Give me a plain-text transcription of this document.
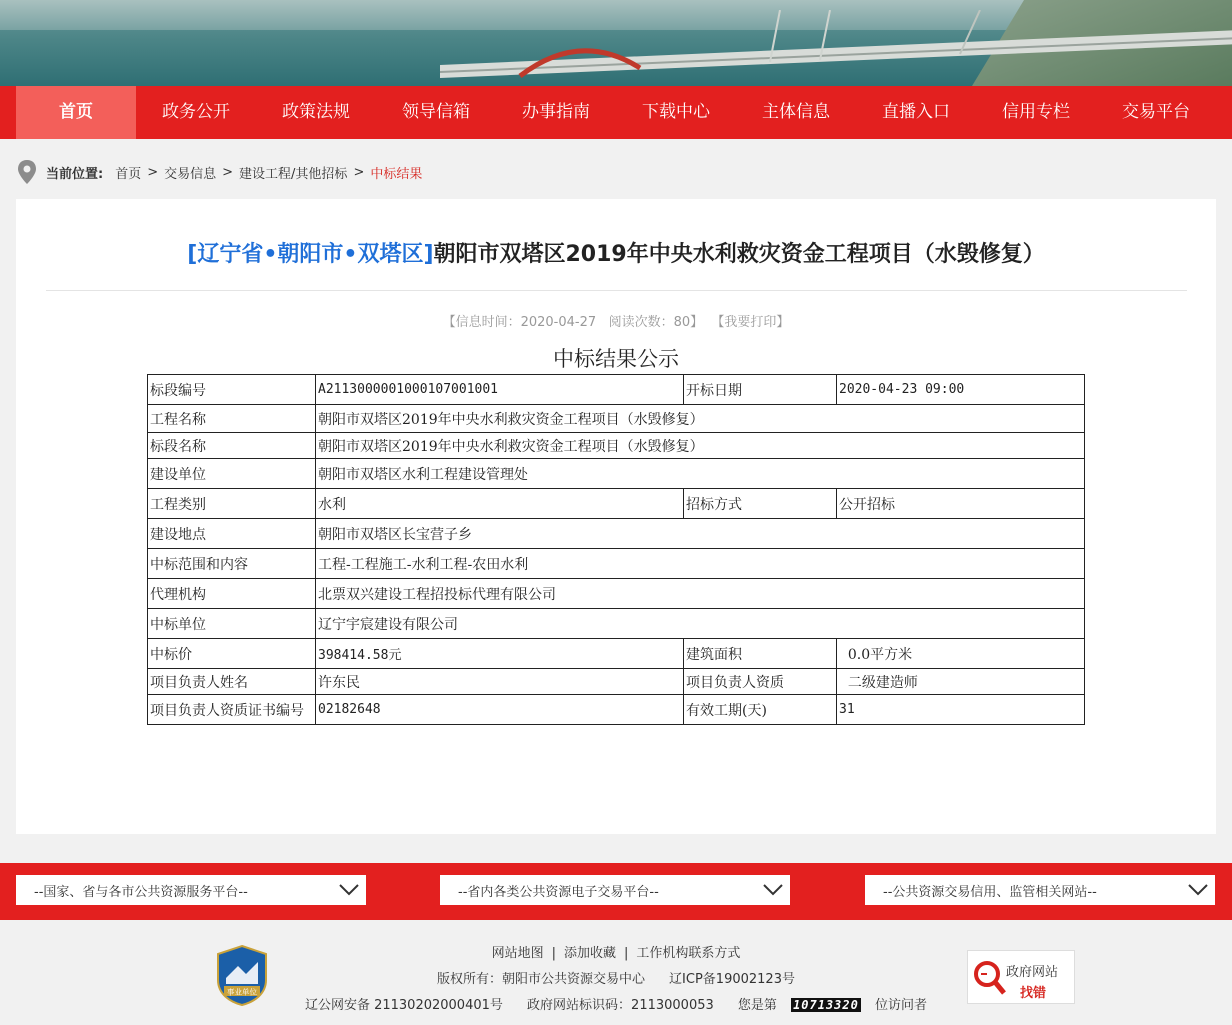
首页	政务公开	政策法规	领导信箱	办事指南	下载中心	主体信息	直播入口	信用专栏	交易平台
当前位置: 首页 > 交易信息 > 建设工程/其他招标 > 中标结果
[辽宁省•朝阳市•双塔区]朝阳市双塔区2019年中央水利救灾资金工程项目（水毁修复）
【信息时间：2020-04-27 阅读次数：80】 【我要打印】
中标结果公示
标段编号	A2113000001000107001001	开标日期	2020-04-23 09:00
工程名称	朝阳市双塔区2019年中央水利救灾资金工程项目（水毁修复）		
标段名称	朝阳市双塔区2019年中央水利救灾资金工程项目（水毁修复）		
建设单位	朝阳市双塔区水利工程建设管理处		
工程类别	水利	招标方式	公开招标
建设地点	朝阳市双塔区长宝营子乡		
中标范围和内容	工程-工程施工-水利工程-农田水利		
代理机构	北票双兴建设工程招投标代理有限公司		
中标单位	辽宁宇宸建设有限公司		
中标价	398414.58元	建筑面积	0.0平方米
项目负责人姓名	许东民	项目负责人资质	二级建造师
项目负责人资质证书编号	02182648	有效工期(天)	31
--国家、省与各市公共资源服务平台--	--省内各类公共资源电子交易平台--	--公共资源交易信用、监管相关网站--
事业单位
网站地图 | 添加收藏 | 工作机构联系方式
版权所有：朝阳市公共资源交易中心 辽ICP备19002123号
辽公网安备 21130202000401号 政府网站标识码：2113000053 您是第 10713320 位访问者
政府网站
找错
